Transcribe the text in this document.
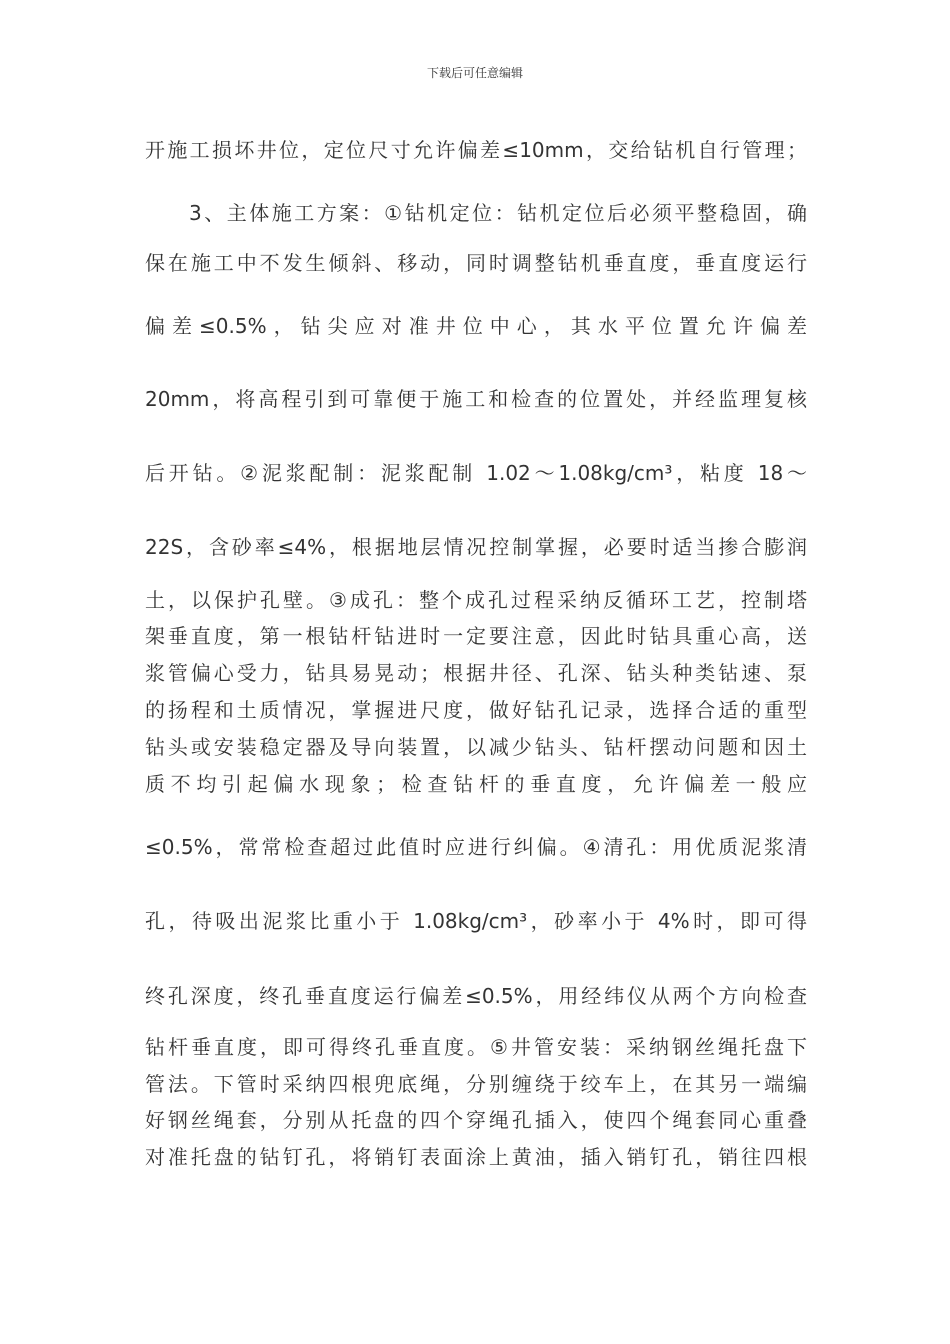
下载后可任意编辑
开施工损坏井位，定位尺寸允许偏差≤10mm，交给钻机自行管理；
3、主体施工方案：①钻机定位：钻机定位后必须平整稳固，确
保在施工中不发生倾斜、移动，同时调整钻机垂直度，垂直度运行
偏差≤0.5%，钻尖应对准井位中心，其水平位置允许偏差
20mm，将高程引到可靠便于施工和检查的位置处，并经监理复核
后开钻。②泥浆配制：泥浆配制 1.02～1.08kg/cm³，粘度 18～
22S，含砂率≤4%，根据地层情况控制掌握，必要时适当掺合膨润
土，以保护孔壁。③成孔：整个成孔过程采纳反循环工艺，控制塔
架垂直度，第一根钻杆钻进时一定要注意，因此时钻具重心高，送
浆管偏心受力，钻具易晃动；根据井径、孔深、钻头种类钻速、泵
的扬程和土质情况，掌握进尺度，做好钻孔记录，选择合适的重型
钻头或安装稳定器及导向装置，以减少钻头、钻杆摆动问题和因土
质不均引起偏水现象；检查钻杆的垂直度，允许偏差一般应
≤0.5%，常常检查超过此值时应进行纠偏。④清孔：用优质泥浆清
孔，待吸出泥浆比重小于 1.08kg/cm³，砂率小于 4%时，即可得
终孔深度，终孔垂直度运行偏差≤0.5%，用经纬仪从两个方向检查
钻杆垂直度，即可得终孔垂直度。⑤井管安装：采纳钢丝绳托盘下
管法。下管时采纳四根兜底绳，分别缠绕于绞车上，在其另一端编
好钢丝绳套，分别从托盘的四个穿绳孔插入，使四个绳套同心重叠
对准托盘的钻钉孔，将销钉表面涂上黄油，插入销钉孔，销往四根
